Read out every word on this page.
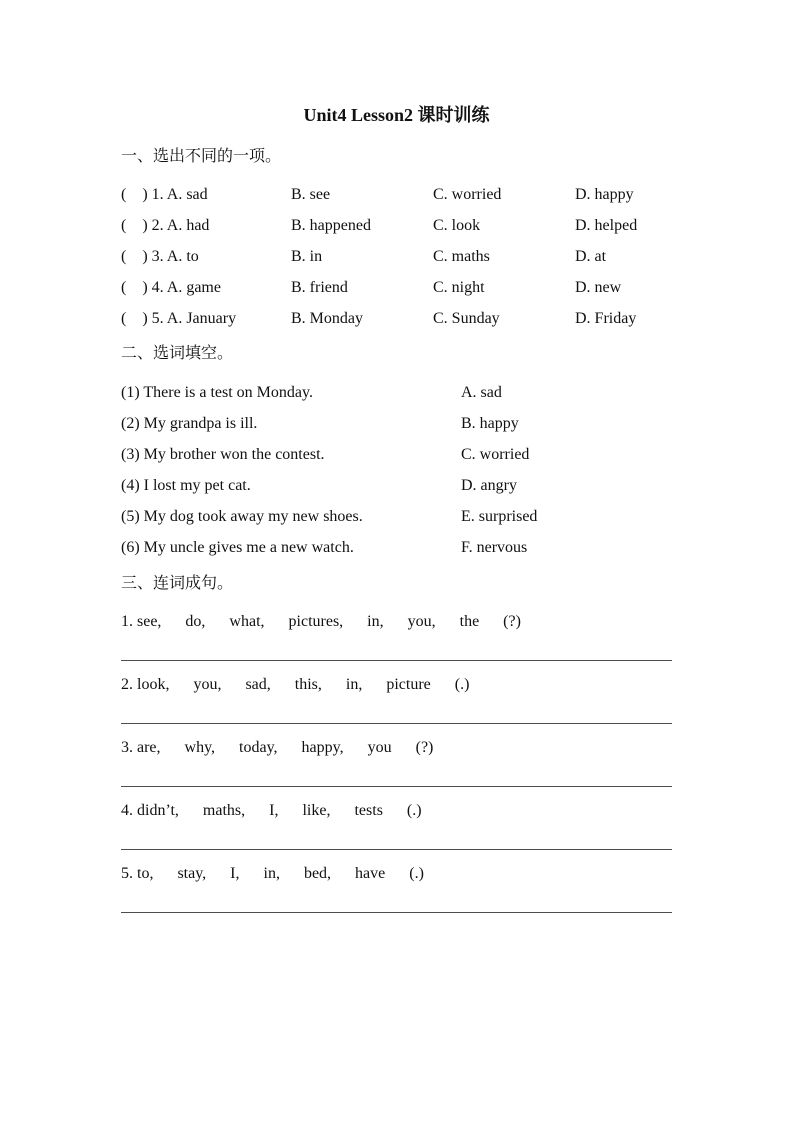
Unit4 Lesson2 课时训练

一、选出不同的一项。

(    ) 1. A. sad	B. see	C. worried	D. happy
(    ) 2. A. had	B. happened	C. look	D. helped
(    ) 3. A. to	B. in	C. maths	D. at
(    ) 4. A. game	B. friend	C. night	D. new
(    ) 5. A. January	B. Monday	C. Sunday	D. Friday

二、选词填空。

(1) There is a test on Monday.	A. sad
(2) My grandpa is ill.	B. happy
(3) My brother won the contest.	C. worried
(4) I lost my pet cat.	D. angry
(5) My dog took away my new shoes.	E. surprised
(6) My uncle gives me a new watch.	F. nervous

三、连词成句。

1. see,      do,      what,      pictures,      in,      you,      the      (?)

2. look,      you,      sad,      this,      in,      picture      (.)

3. are,      why,      today,      happy,      you      (?)

4. didn’t,      maths,      I,      like,      tests      (.)

5. to,      stay,      I,      in,      bed,      have      (.)
